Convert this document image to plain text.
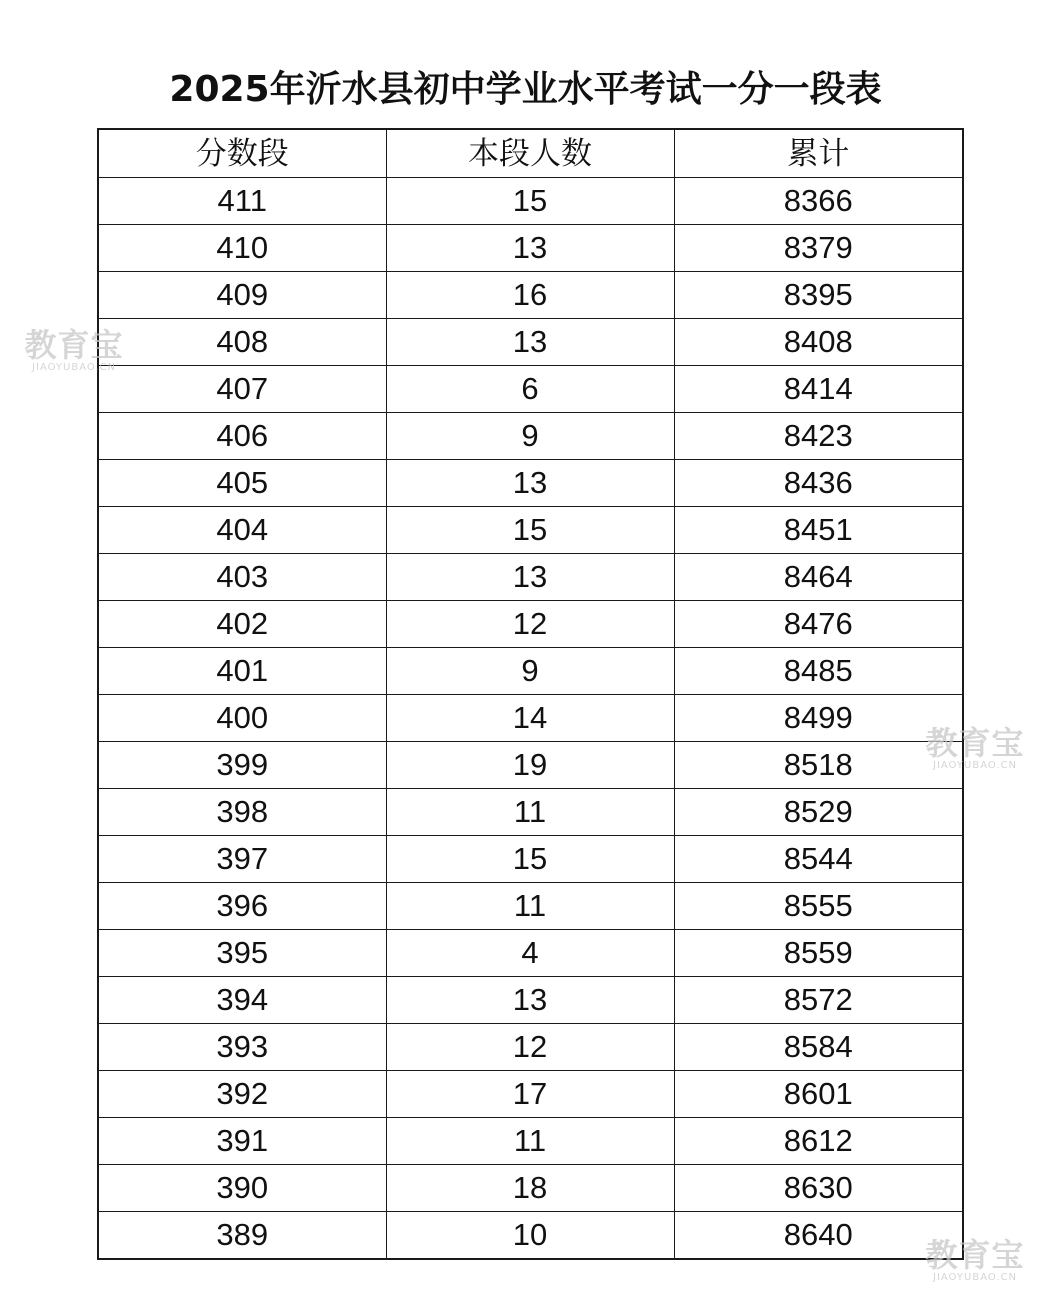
2025年沂水县初中学业水平考试一分一段表
分数段	本段人数	累计
411	15	8366
410	13	8379
409	16	8395
408	13	8408
407	6	8414
406	9	8423
405	13	8436
404	15	8451
403	13	8464
402	12	8476
401	9	8485
400	14	8499
399	19	8518
398	11	8529
397	15	8544
396	11	8555
395	4	8559
394	13	8572
393	12	8584
392	17	8601
391	11	8612
390	18	8630
389	10	8640
教育宝
JIAOYUBAO.CN
教育宝
JIAOYUBAO.CN
教育宝
JIAOYUBAO.CN
